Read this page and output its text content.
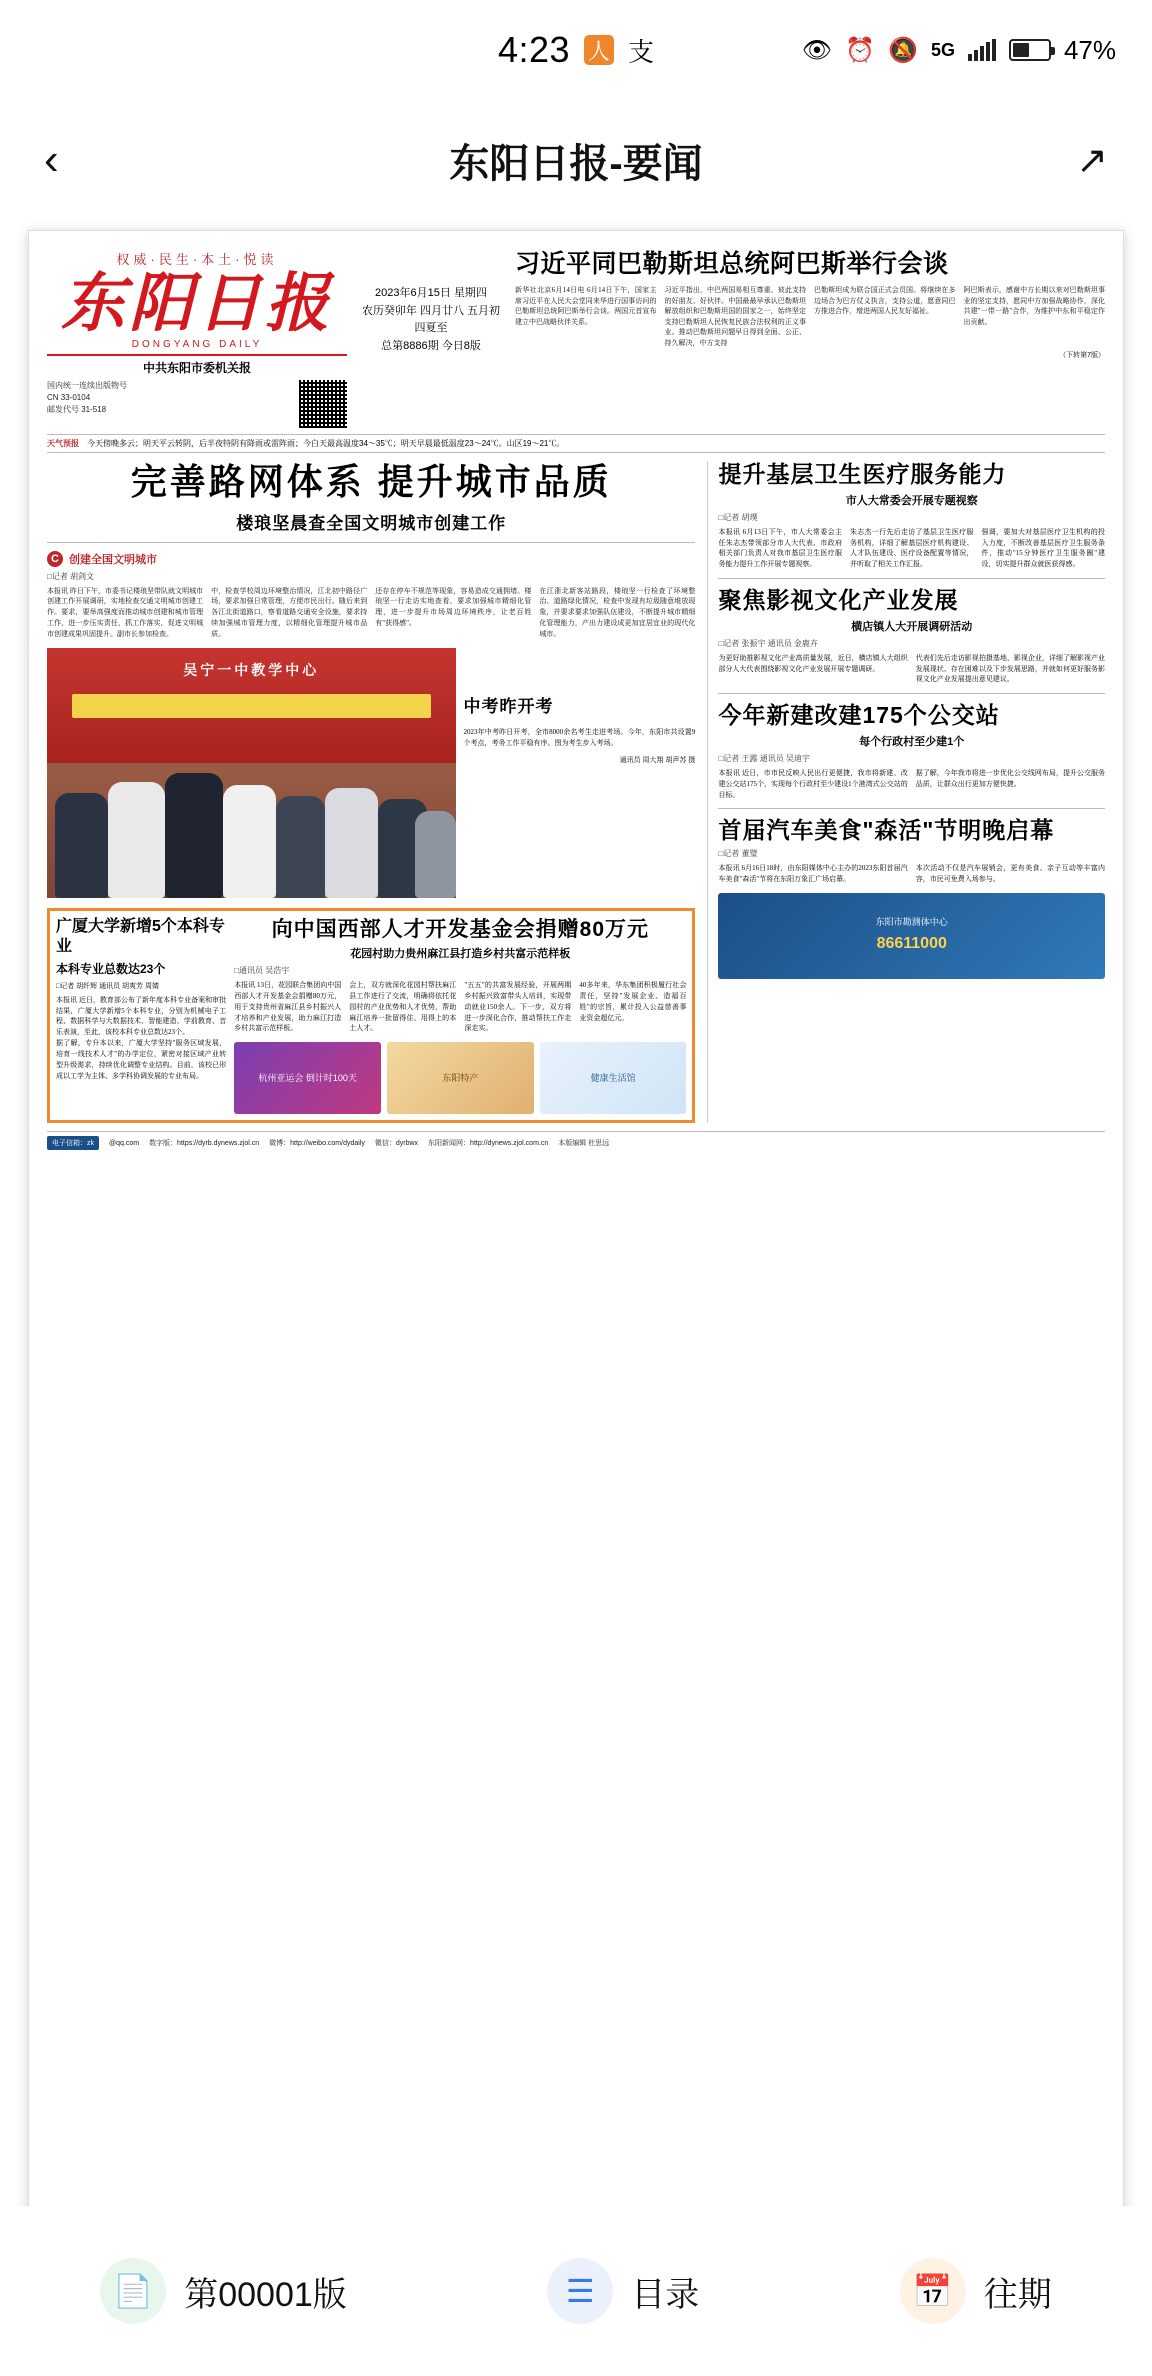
4:23 人 支	👁 ⏰ 🔕 5G	47%
‹	东阳日报-要闻	↗
权威·民生·本土·悦读
东阳日报
DONGYANG DAILY
中共东阳市委机关报
国内统一连续出版物号
CN 33-0104
邮发代号 31-518
2023年6月15日 星期四
农历癸卯年 四月廿八 五月初四夏至
总第8886期 今日8版
习近平同巴勒斯坦总统阿巴斯举行会谈

新华社北京6月14日电 6月14日下午，国家主席习近平在人民大会堂同来华进行国事访问的巴勒斯坦总统阿巴斯举行会谈。两国元首宣布建立中巴战略伙伴关系。

习近平指出，中巴两国易相互尊重、彼此支持的好朋友、好伙伴。中国最最早承认巴勒斯坦解放组织和巴勒斯坦国的国家之一，始终坚定支持巴勒斯坦人民恢复民族合法权利的正义事业。推动巴勒斯坦问题早日得到全面、公正、持久解决，中方支持

巴勒斯坦成为联合国正式会员国。将继续在多边场合为巴方仗义执言，支持公道，愿意同巴方推进合作，增进两国人民友好福祉。

阿巴斯表示，感谢中方长期以来对巴勒斯坦事业的坚定支持，愿同中方加强战略协作，深化共建"一带一路"合作，为维护中东和平稳定作出贡献。

（下转第7版）
天气预报 今天傍晚多云；明天平云转阴，后半夜特阴有降雨或雷阵雨；今白天最高温度34～35℃；明天早晨最低温度23～24℃。山区19～21℃。
完善路网体系 提升城市品质
楼琅坚晨查全国文明城市创建工作
C 创建全国文明城市
□记者 胡剑文

本报讯 昨日下午，市委书记楼琅坚带队就文明城市创建工作开展调研，实地检查交通文明城市创建工作。要求，要举高强度而推动城市创建和城市管理工作，进一步压实责任，抓工作落实，促进文明城市创建成果巩固提升。副市长参加检查。

中，检查学校周边环境整治情况，江北初中路径广场，要求加强日常管理，方便市民出行。随后来到各江北街道路口，察看道路交通安全设施，要求持续加强城市管理力度，以精细化管理提升城市品质。

还存在停车不规范等现象，容易造成交通拥堵。楼琅坚一行走访实地查看，要求加强城市精细化管理，进一步提升市场周边环境秩序，让老百姓有"获得感"。

在江浙北新客站路段，楼琅坚一行检查了环境整治、道路绿化情况，检查中发现有垃圾随意堆放现象，并要求要求加强队伍建设，不断提升城市精细化管理能力，产出力建设成更加宜居宜业的现代化城市。

吴宁一中教学中心
中考昨开考
2023年中考昨日开考，全市8000余名考生走进考场。今年，东阳市共设置9个考点，考务工作平稳有序。图为考生步入考场。
通讯员 周大翔 胡声苏 摄
广厦大学新增5个本科专业
本科专业总数达23个
□记者 胡纤辉 通讯员 胡爽芳 周婧

本报讯 近日，教育部公布了新年度本科专业备案和审批结果，广厦大学新增5个本科专业，分别为机械电子工程、数据科学与大数据技术、智能建造、学前教育、音乐表演，至此，该校本科专业总数达23个。

据了解，专升本以来，广厦大学坚持"服务区域发展，培育一线技术人才"的办学定位，紧密对接区域产业转型升级需求，持续优化调整专业结构。目前，该校已形成以工学为主体、多学科协调发展的专业布局。

向中国西部人才开发基金会捐赠80万元
花园村助力贵州麻江县打造乡村共富示范样板
□通讯员 吴浩宇

本报讯 13日，花园联合集团向中国西部人才开发基金会捐赠80万元，用于支持贵州省麻江县乡村振兴人才培养和产业发展，助力麻江打造乡村共富示范样板。

会上，双方就深化花园村帮扶麻江县工作进行了交流，明确将依托花园村的产业优势和人才优势，帮助麻江培养一批留得住、用得上的本土人才。

"五五"的共富发展经验，开展两期乡村振兴致富带头人培训，实现带动就业150余人。下一步，双方将进一步深化合作，推动帮扶工作走深走实。

40多年来，华东集团积极履行社会责任，坚持"发展企业、造福百姓"的宗旨，累计投入公益慈善事业资金超亿元。

杭州亚运会 倒计时100天	东阳特产	健康生活馆
提升基层卫生医疗服务能力
市人大常委会开展专题视察
□记者 胡璞

本报讯 6月13日下午，市人大常委会主任朱志杰带领部分市人大代表、市政府相关部门负责人对我市基层卫生医疗服务能力提升工作开展专题视察。

朱志杰一行先后走访了基层卫生医疗服务机构，详细了解基层医疗机构建设、人才队伍建设、医疗设备配置等情况，并听取了相关工作汇报。

强调，要加大对基层医疗卫生机构的投入力度，不断改善基层医疗卫生服务条件，推动"15分钟医疗卫生服务圈"建设，切实提升群众就医获得感。

聚焦影视文化产业发展
横店镇人大开展调研活动
□记者 张振宇 通讯员 金鹿卉

为更好助推影视文化产业高质量发展，近日，横店镇人大组织部分人大代表围绕影视文化产业发展开展专题调研。

代表们先后走访影视拍摄基地、影视企业，详细了解影视产业发展现状、存在困难以及下步发展思路，并就如何更好服务影视文化产业发展提出意见建议。

今年新建改建175个公交站
每个行政村至少建1个
□记者 王露 通讯员 吴迪宇

本报讯 近日，市市民反映人民出行更便捷，我市将新建、改建公交站175个，实现每个行政村至少建设1个港湾式公交站的目标。

据了解，今年我市将进一步优化公交线网布局，提升公交服务品质，让群众出行更加方便快捷。

首届汽车美食"森活"节明晚启幕
□记者 董璧

本报讯 6月16日18时，由东阳媒体中心主办的2023东阳首届汽车美食"森活"节将在东阳万象汇广场启幕。

本次活动不仅是汽车展销会，更有美食、亲子互动等丰富内容，市民可免费入场参与。

东阳市勘测体中心
86611000
电子信箱：zk	@qq.com 数字版：https://dyrb.dynews.zjol.cn 微博：http://weibo.com/dydaily 微信：dyrbwx 东阳新闻网：http://dynews.zjol.com.cn 本版编辑 杜思远
📄 第00001版	☰	目录	📅 往期
